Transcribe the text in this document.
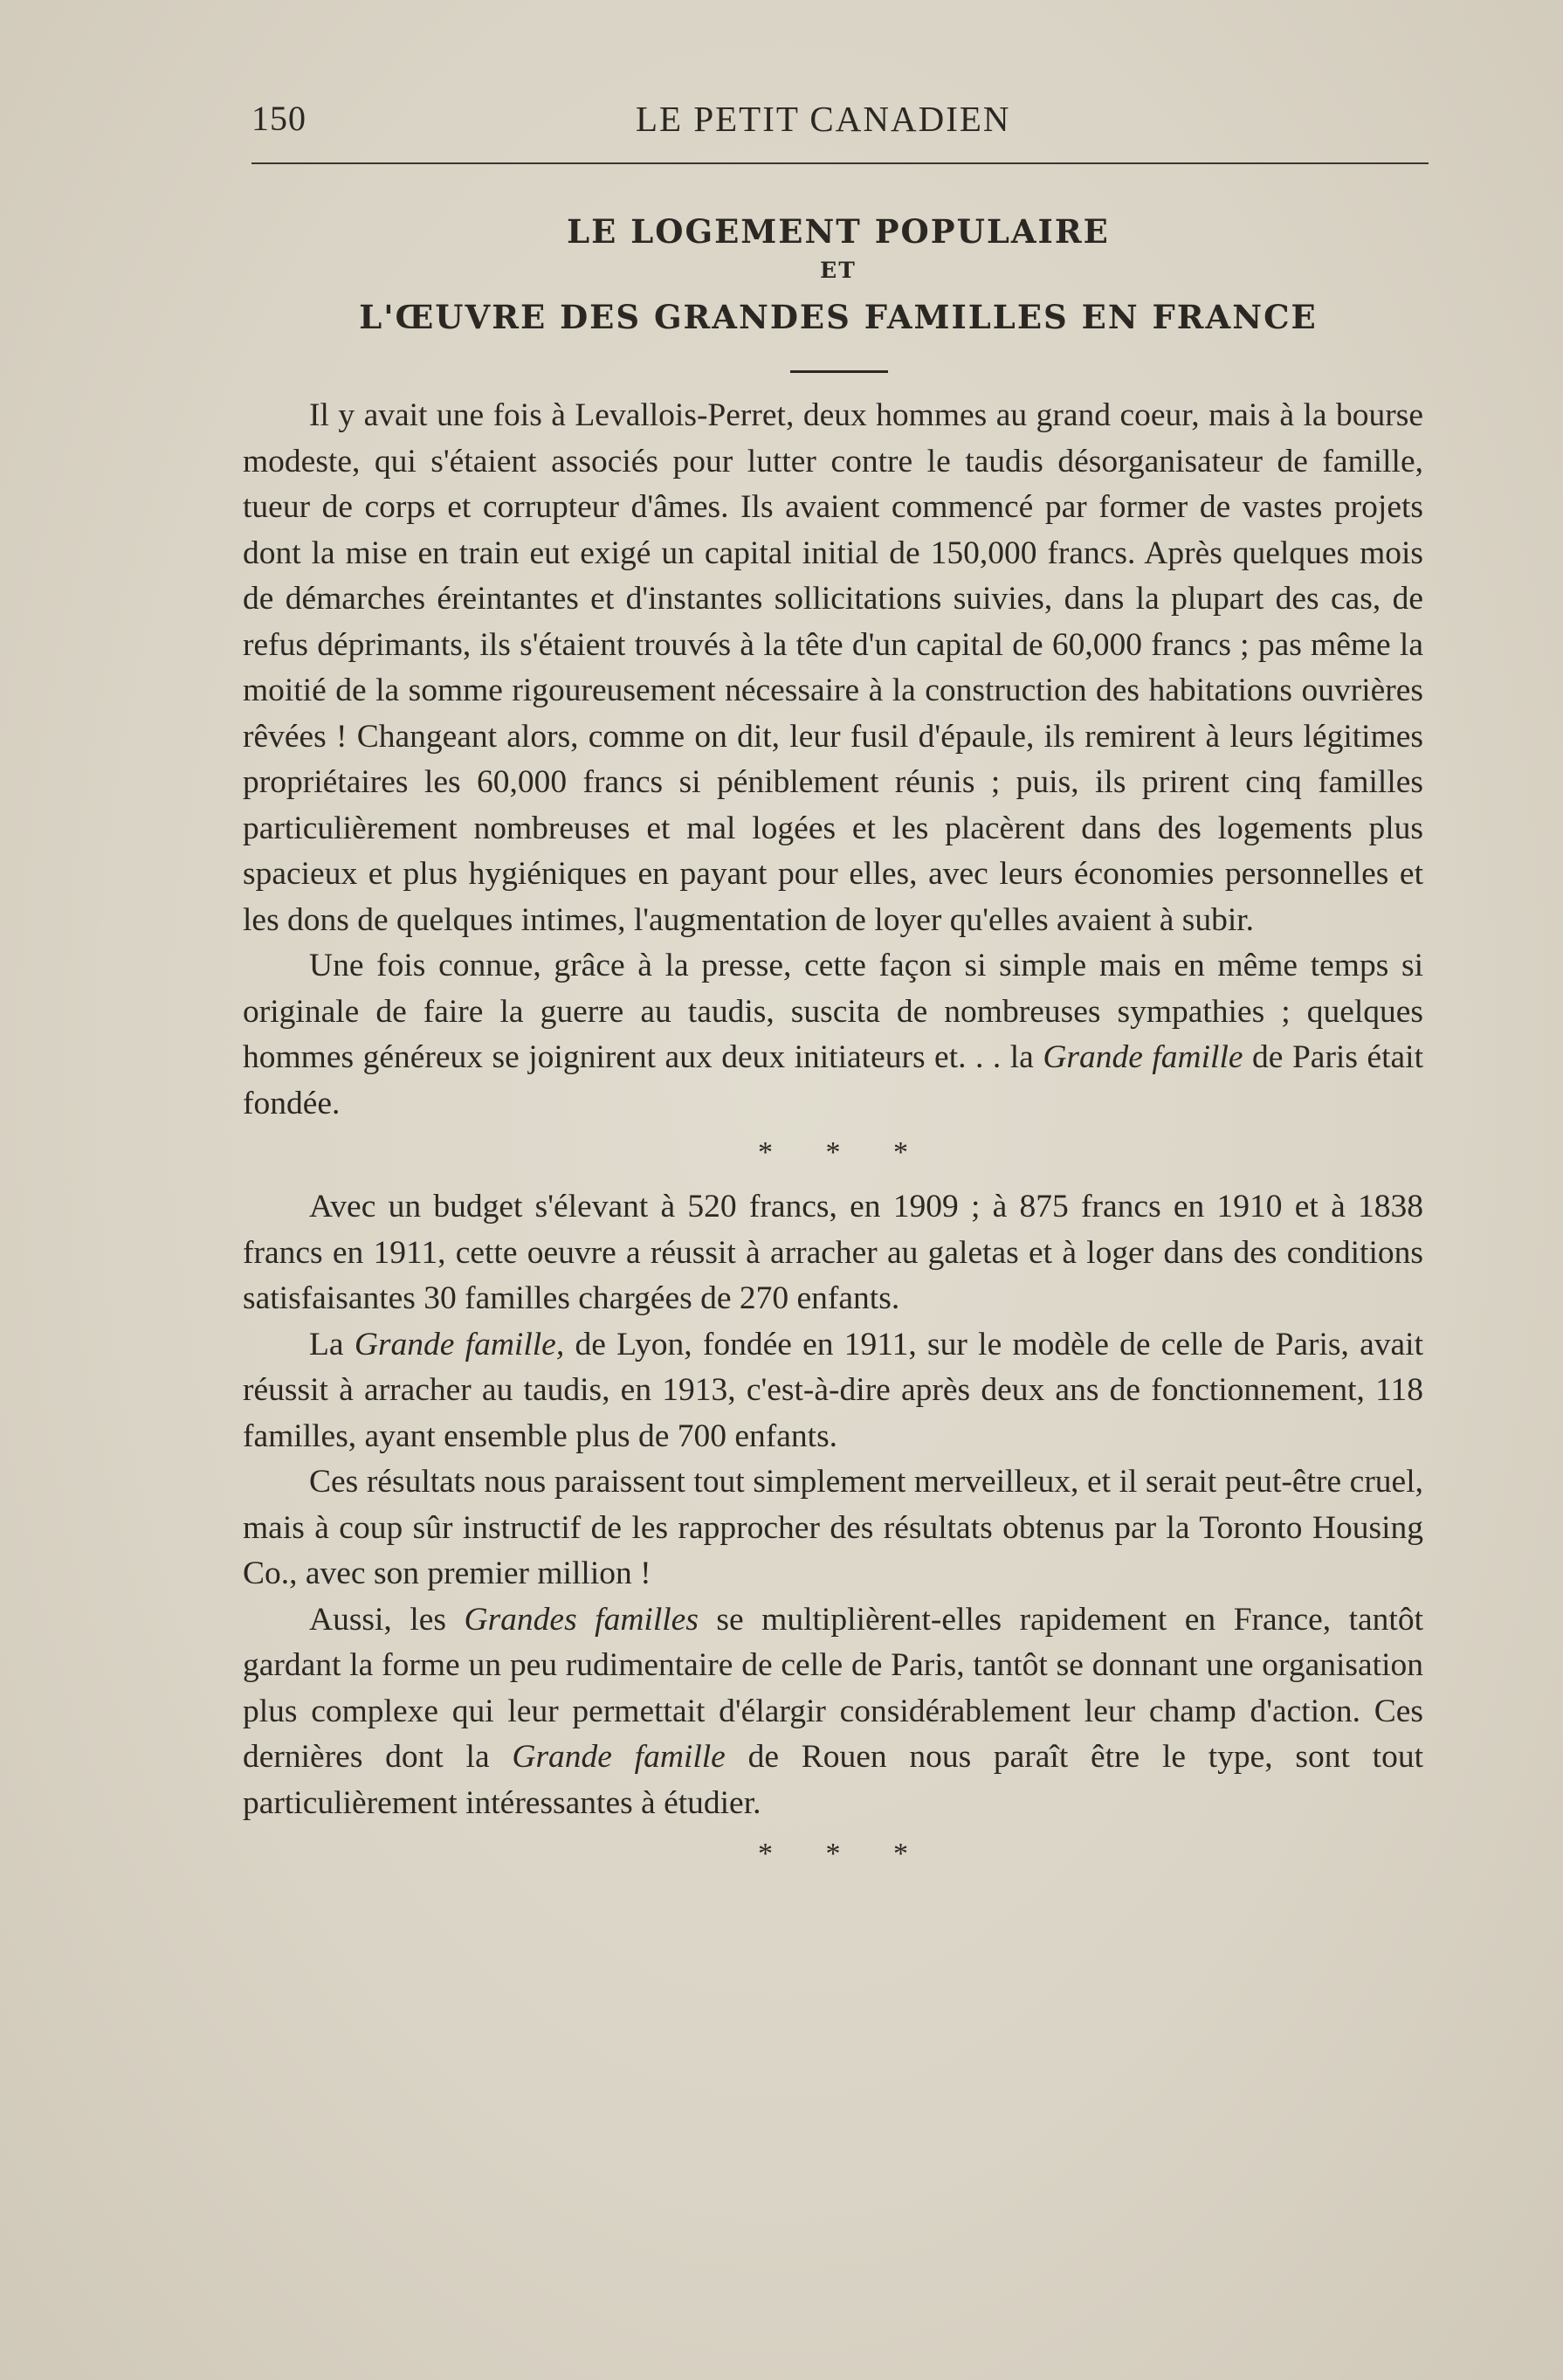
150	LE PETIT CANADIEN
LE LOGEMENT POPULAIRE
ET
L'ŒUVRE DES GRANDES FAMILLES EN FRANCE

Il y avait une fois à Levallois-Perret, deux hommes au grand coeur, mais à la bourse modeste, qui s'étaient associés pour lutter contre le taudis désorganisateur de famille, tueur de corps et corrupteur d'âmes. Ils avaient commencé par former de vastes projets dont la mise en train eut exigé un capital initial de 150,000 francs. Après quelques mois de démarches éreintantes et d'instantes sollicitations suivies, dans la plupart des cas, de refus déprimants, ils s'étaient trouvés à la tête d'un capital de 60,000 francs ; pas même la moitié de la somme rigoureusement nécessaire à la construction des habitations ouvrières rêvées ! Changeant alors, comme on dit, leur fusil d'épaule, ils remirent à leurs légitimes propriétaires les 60,000 francs si péniblement réunis ; puis, ils prirent cinq familles particulièrement nombreuses et mal logées et les placèrent dans des logements plus spacieux et plus hygiéniques en payant pour elles, avec leurs économies personnelles et les dons de quelques intimes, l'augmentation de loyer qu'elles avaient à subir.

Une fois connue, grâce à la presse, cette façon si simple mais en même temps si originale de faire la guerre au taudis, suscita de nombreuses sympathies ; quelques hommes généreux se joignirent aux deux initiateurs et. . . la Grande famille de Paris était fondée.

* * *

Avec un budget s'élevant à 520 francs, en 1909 ; à 875 francs en 1910 et à 1838 francs en 1911, cette oeuvre a réussit à arracher au galetas et à loger dans des conditions satisfaisantes 30 familles chargées de 270 enfants.

La Grande famille, de Lyon, fondée en 1911, sur le modèle de celle de Paris, avait réussit à arracher au taudis, en 1913, c'est-à-dire après deux ans de fonctionnement, 118 familles, ayant ensemble plus de 700 enfants.

Ces résultats nous paraissent tout simplement merveilleux, et il serait peut-être cruel, mais à coup sûr instructif de les rapprocher des résultats obtenus par la Toronto Housing Co., avec son premier million !

Aussi, les Grandes familles se multiplièrent-elles rapidement en France, tantôt gardant la forme un peu rudimentaire de celle de Paris, tantôt se donnant une organisation plus complexe qui leur permettait d'élargir considérablement leur champ d'action. Ces dernières dont la Grande famille de Rouen nous paraît être le type, sont tout particulièrement intéressantes à étudier.

* * *
